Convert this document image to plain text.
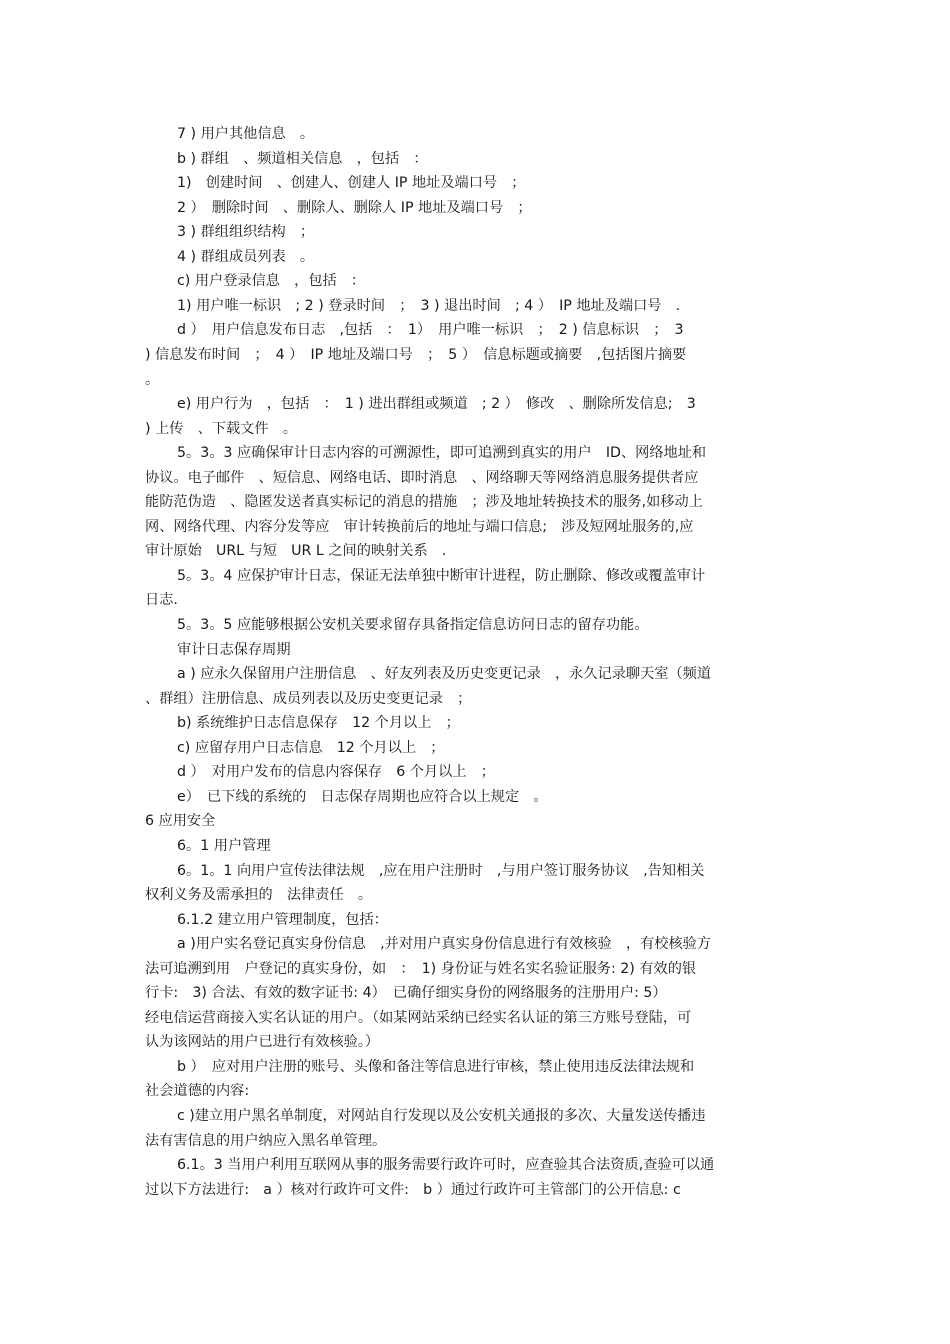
7 ) 用户其他信息　。
b ) 群组　、频道相关信息　，包括　：
1)　创建时间　、创建人、创建人 IP 地址及端口号　；
2 ）　删除时间　、删除人、删除人 IP 地址及端口号　；
3 ) 群组组织结构　；
4 ) 群组成员列表　。
c) 用户登录信息　，包括　：
1) 用户唯一标识　; 2 ) 登录时间　；　3 ) 退出时间　; 4 ）　IP 地址及端口号　.
d ）　用户信息发布日志　,包括　：　1）　用户唯一标识　；　2 ) 信息标识　；　3
) 信息发布时间　；　4 ）　IP 地址及端口号　；　5 ）　信息标题或摘要　,包括图片摘要
。
e) 用户行为　，包括　：　1 ) 进出群组或频道　; 2 ）　修改　、删除所发信息;　3
) 上传　、下载文件　。
5。3。3 应确保审计日志内容的可溯源性，即可追溯到真实的用户　ID、网络地址和
协议。电子邮件　、短信息、网络电话、即时消息　、网络聊天等网络消息服务提供者应
能防范伪造　、隐匿发送者真实标记的消息的措施　；涉及地址转换技术的服务,如移动上
网、网络代理、内容分发等应　审计转换前后的地址与端口信息;　涉及短网址服务的,应
审计原始　URL 与短　UR L 之间的映射关系　.
5。3。4 应保护审计日志，保证无法单独中断审计进程，防止删除、修改或覆盖审计
日志.
5。3。5 应能够根据公安机关要求留存具备指定信息访问日志的留存功能。
审计日志保存周期
a ) 应永久保留用户注册信息　、好友列表及历史变更记录　，永久记录聊天室（频道
、群组）注册信息、成员列表以及历史变更记录　；
b) 系统维护日志信息保存　12 个月以上　；
c) 应留存用户日志信息　12 个月以上　；
d ）　对用户发布的信息内容保存　6 个月以上　；
e）　已下线的系统的　日志保存周期也应符合以上规定　。
6 应用安全
6。1 用户管理
6。1。1 向用户宣传法律法规　,应在用户注册时　,与用户签订服务协议　,告知相关
权利义务及需承担的　法律责任　。
6.1.2 建立用户管理制度，包括：
a )用户实名登记真实身份信息　,并对用户真实身份信息进行有效核验　，有校核验方
法可追溯到用　户登记的真实身份，如　：　1) 身份证与姓名实名验证服务: 2) 有效的银
行卡:　3) 合法、有效的数字证书: 4）　已确仔细实身份的网络服务的注册用户: 5）
经电信运营商接入实名认证的用户。（如某网站采纳已经实名认证的第三方账号登陆，可
认为该网站的用户已进行有效核验。）
b ）　应对用户注册的账号、头像和备注等信息进行审核，禁止使用违反法律法规和
社会道德的内容:
c )建立用户黑名单制度，对网站自行发现以及公安机关通报的多次、大量发送传播违
法有害信息的用户纳应入黑名单管理。
6.1。3 当用户利用互联网从事的服务需要行政许可时，应查验其合法资质,查验可以通
过以下方法进行:　a ）核对行政许可文件:　b ）通过行政许可主管部门的公开信息: c
